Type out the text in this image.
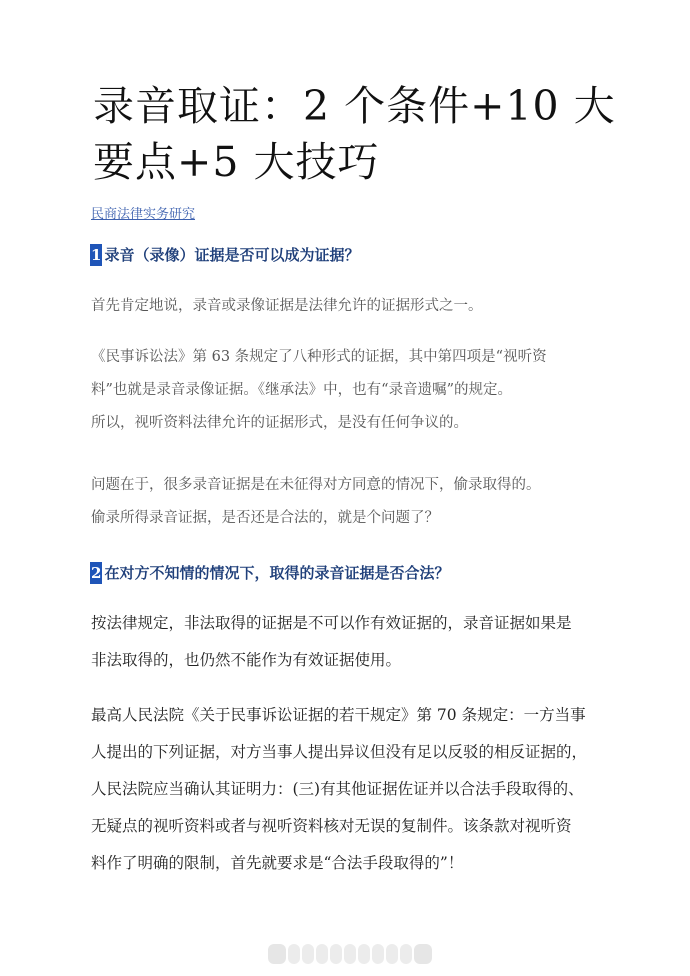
录音取证：2 个条件+10 大要点+5 大技巧
民商法律实务研究
1 录音（录像）证据是否可以成为证据？

首先肯定地说，录音或录像证据是法律允许的证据形式之一。

《民事诉讼法》第 63 条规定了八种形式的证据，其中第四项是“视听资
料”也就是录音录像证据。《继承法》中，也有“录音遗嘱”的规定。
所以，视听资料法律允许的证据形式，是没有任何争议的。

问题在于，很多录音证据是在未征得对方同意的情况下，偷录取得的。
偷录所得录音证据，是否还是合法的，就是个问题了？

2 在对方不知情的情况下，取得的录音证据是否合法？

按法律规定，非法取得的证据是不可以作有效证据的，录音证据如果是
非法取得的，也仍然不能作为有效证据使用。

最高人民法院《关于民事诉讼证据的若干规定》第 70 条规定：一方当事
人提出的下列证据，对方当事人提出异议但没有足以反驳的相反证据的，
人民法院应当确认其证明力：(三)有其他证据佐证并以合法手段取得的、
无疑点的视听资料或者与视听资料核对无误的复制件。该条款对视听资
料作了明确的限制，首先就要求是“合法手段取得的”！
